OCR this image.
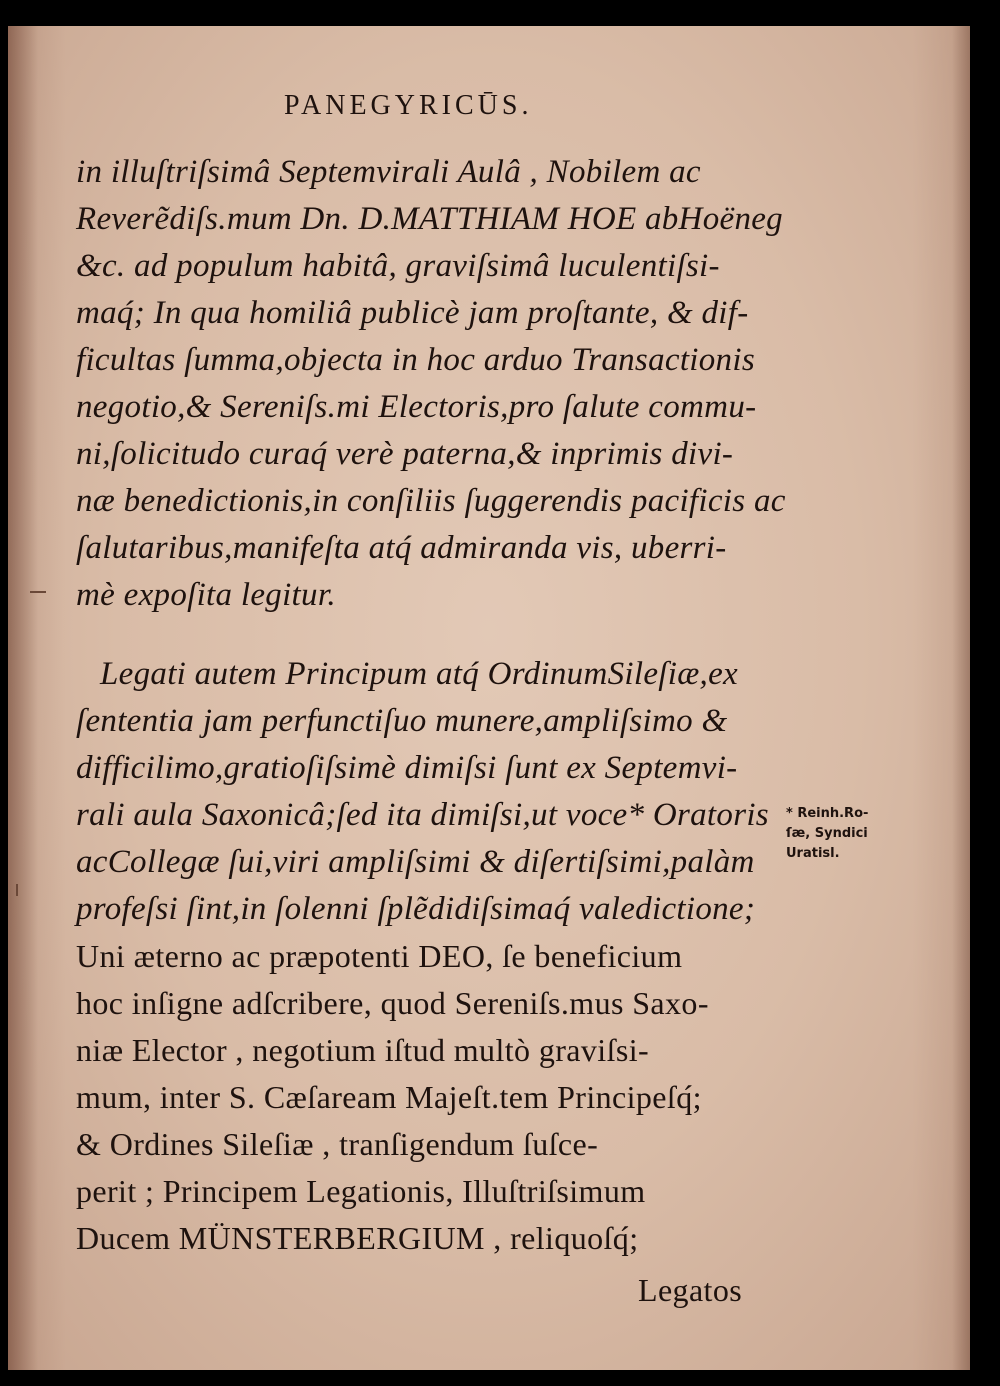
PANEGYRICŪS.
in illuſtriſsimâ Septemvirali Aulâ , Nobilem ac
Reverẽdiſs.mum Dn. D.MATTHIAM HOE abHoëneg
&c. ad populum habitâ, graviſsimâ luculentiſsi-
maq́; In qua homiliâ publicè jam proſtante, & dif-
ficultas ſumma,objecta in hoc arduo Transactionis
negotio,& Sereniſs.mi Electoris,pro ſalute commu-
ni,ſolicitudo curaq́ verè paterna,& inprimis divi-
næ benedictionis,in conſiliis ſuggerendis pacificis ac
ſalutaribus,manifeſta atq́ admiranda vis, uberri-
mè expoſita legitur.
Legati autem Principum atq́ OrdinumSileſiæ,ex
ſententia jam perfunctiſuo munere,ampliſsimo &
difficilimo,gratioſiſsimè dimiſsi ſunt ex Septemvi-
rali aula Saxonicâ;ſed ita dimiſsi,ut voce* Oratoris
acCollegæ ſui,viri ampliſsimi & diſertiſsimi,palàm
profeſsi ſint,in ſolenni ſplẽdidiſsimaq́ valedictione;
Uni æterno ac præpotenti DEO, ſe beneficium
hoc inſigne adſcribere, quod Sereniſs.mus Saxo-
niæ Elector , negotium iſtud multò graviſsi-
mum, inter S. Cæſaream Majeſt.tem Principeſq́;
& Ordines Sileſiæ , tranſigendum ſuſce-
perit ; Principem Legationis, Illuſtriſsimum
Ducem MÜNSTERBERGIUM , reliquoſq́;
Legatos
* Reinh.Ro-
ſæ, Syndici
Uratisl.
